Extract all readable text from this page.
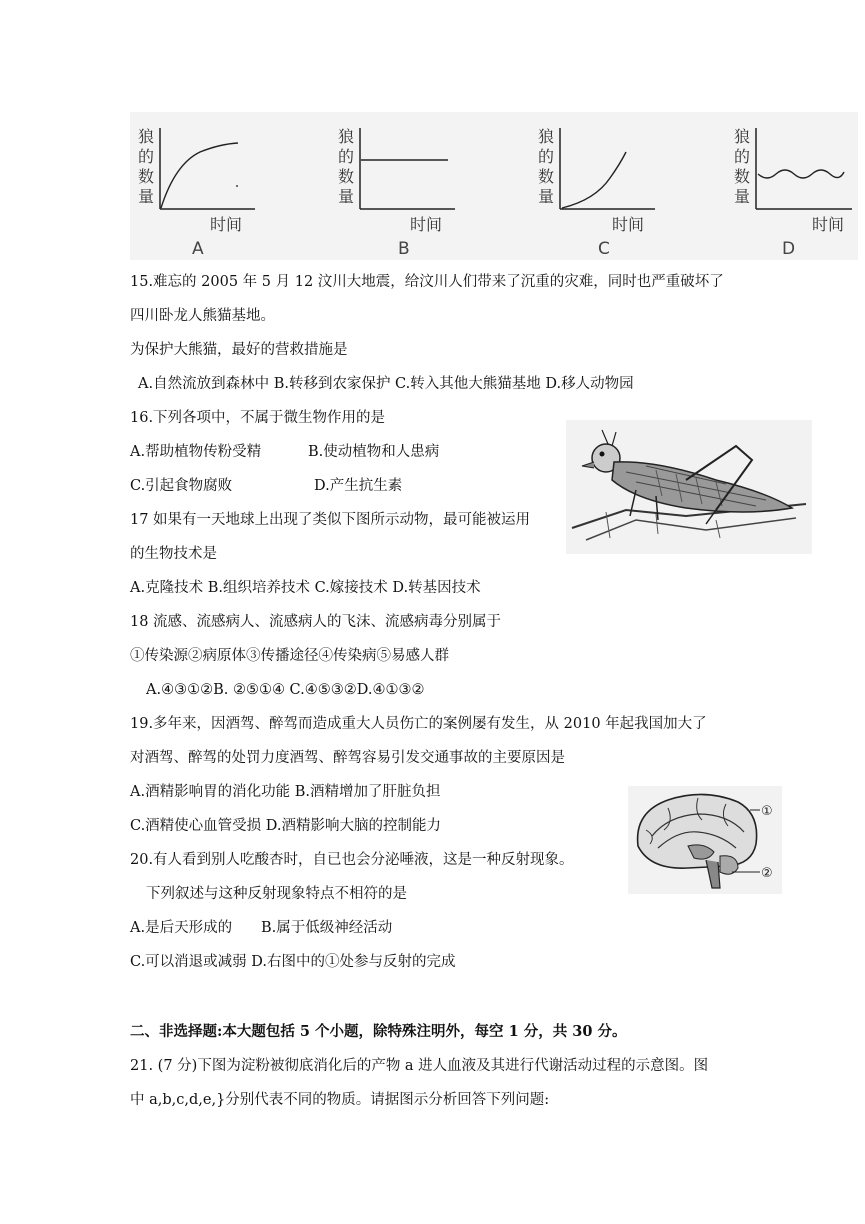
狼
的
数
量
时间
A
狼
的
数
量
时间
B
狼
的
数
量
时间
C
狼
的
数
量
时间
D
15.难忘的 2005 年 5 月 12 汶川大地震，给汶川人们带来了沉重的灾难，同时也严重破坏了
四川卧龙人熊猫基地。
为保护大熊猫，最好的营救措施是
A.自然流放到森林中 B.转移到农家保护 C.转入其他大熊猫基地 D.移人动物园
16.下列各项中，不属于微生物作用的是
A.帮助植物传粉受精	B.使动植物和人患病
C.引起食物腐败	D.产生抗生素
17 如果有一天地球上出现了类似下图所示动物，最可能被运用
的生物技术是
A.克隆技术 B.组织培养技术 C.嫁接技术 D.转基因技术
18 流感、流感病人、流感病人的飞沫、流感病毒分别属于
①传染源②病原体③传播途径④传染病⑤易感人群
A.④③①②B. ②⑤①④ C.④⑤③②D.④①③②
19.多年来，因酒驾、醉驾而造成重大人员伤亡的案例屡有发生，从 2010 年起我国加大了
对酒驾、醉驾的处罚力度酒驾、醉驾容易引发交通事故的主要原因是
A.酒精影响胃的消化功能 B.酒精增加了肝脏负担
C.酒精使心血管受损 D.酒精影响大脑的控制能力
20.有人看到别人吃酸杏时，自已也会分泌唾液，这是一种反射现象。
下列叙述与这种反射现象特点不相符的是
A.是后天形成的 B.属于低级神经活动
C.可以消退或减弱 D.右图中的①处参与反射的完成
二、非选择题:本大题包括 5 个小题，除特殊注明外，每空 1 分，共 30 分。
21. (7 分)下图为淀粉被彻底消化后的产物 a 进人血液及其进行代谢活动过程的示意图。图
中 a,b,c,d,e,}分别代表不同的物质。请据图示分析回答下列问题:
①
②
